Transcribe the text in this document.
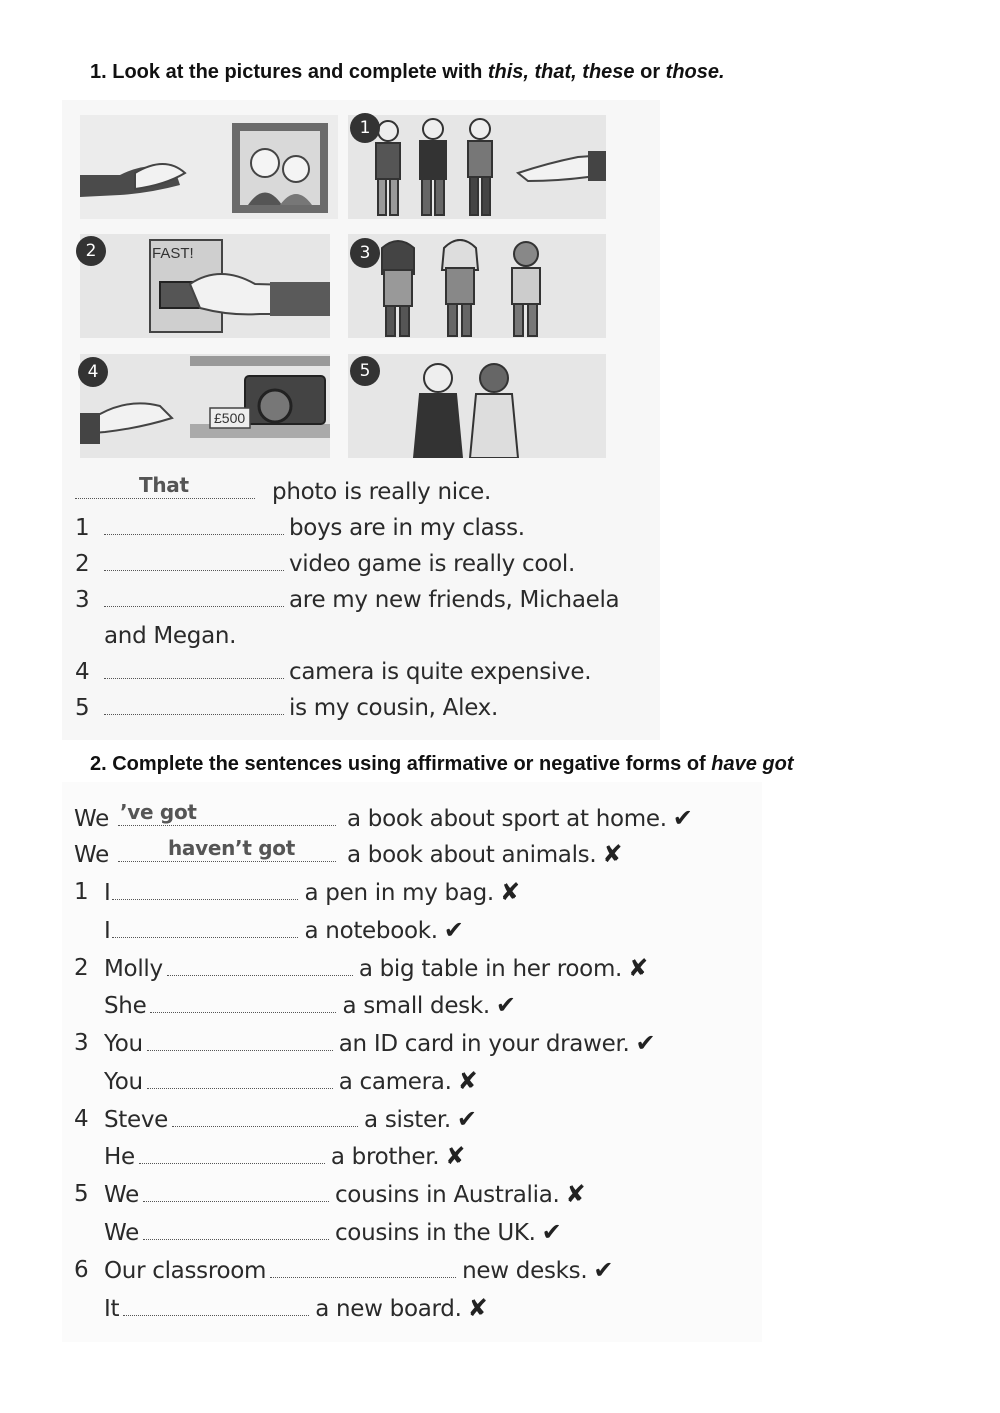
1. Look at the pictures and complete with this, that, these or those.
1
FAST!
2	3
£500
4	5
That	photo is really nice.
1	boys are in my class.
2	video game is really cool.
3	are my new friends, Michaela
and Megan.
4	camera is quite expensive.
5	is my cousin, Alex.
2. Complete the sentences using affirmative or negative forms of have got
We ’ve got	a book about sport at home. ✔
We	haven’t got a book about animals. ✘
1 I	a pen in my bag. ✘
I	a notebook. ✔
2 Molly	a big table in her room. ✘
She	a small desk. ✔
3 You	an ID card in your drawer. ✔
You	a camera. ✘
4 Steve	a sister. ✔
He	a brother. ✘
5 We	cousins in Australia. ✘
We	cousins in the UK. ✔
6 Our classroom	new desks. ✔
It	a new board. ✘
